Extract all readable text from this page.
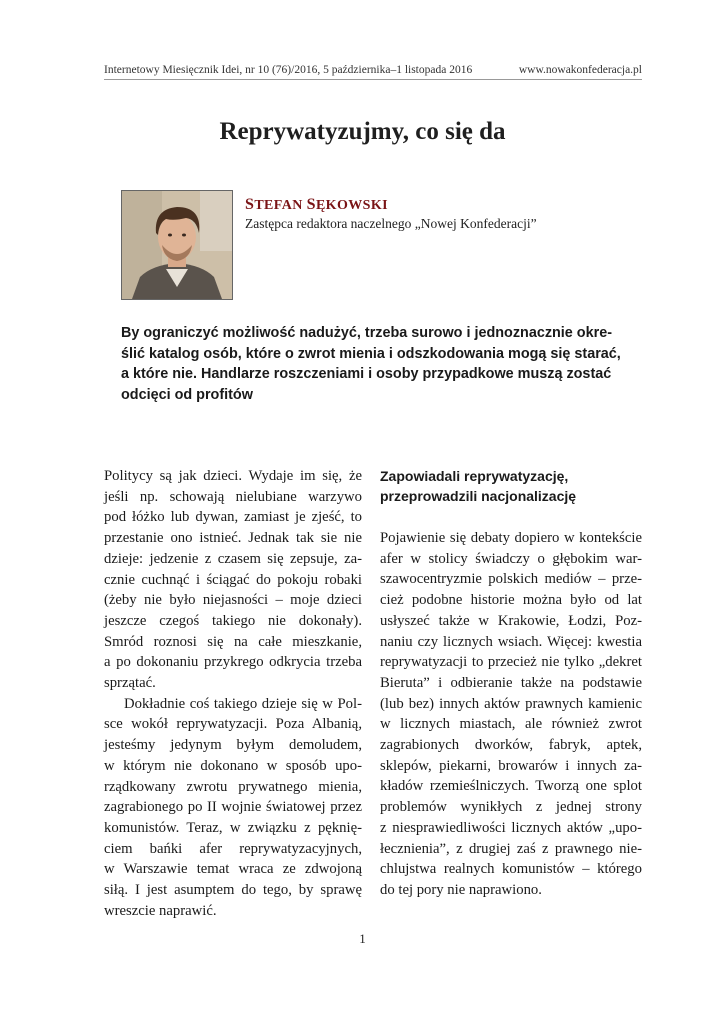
Internetowy Miesięcznik Idei, nr 10 (76)/2016, 5 października–1 listopada 2016	www.nowakonfederacja.pl
Reprywatyzujmy, co się da
STEFAN SĘKOWSKI
Zastępca redaktora naczelnego „Nowej Konfederacji”
By ograniczyć możliwość nadużyć, trzeba surowo i jednoznacznie okre-
ślić katalog osób, które o zwrot mienia i odszkodowania mogą się starać,
a które nie. Handlarze roszczeniami i osoby przypadkowe muszą zostać
odcięci od profitów
Politycy są jak dzieci. Wydaje im się, że
jeśli np. schowają nielubiane warzywo
pod łóżko lub dywan, zamiast je zjeść, to
przestanie ono istnieć. Jednak tak sie nie
dzieje: jedzenie z czasem się zepsuje, za-
cznie cuchnąć i ściągać do pokoju robaki
(żeby nie było niejasności – moje dzieci
jeszcze czegoś takiego nie dokonały).
Smród roznosi się na całe mieszkanie,
a po dokonaniu przykrego odkrycia trzeba
sprzątać.
Dokładnie coś takiego dzieje się w Pol-
sce wokół reprywatyzacji. Poza Albanią,
jesteśmy jedynym byłym demoludem,
w którym nie dokonano w sposób upo-
rządkowany zwrotu prywatnego mienia,
zagrabionego po II wojnie światowej przez
komunistów. Teraz, w związku z pęknię-
ciem bańki afer reprywatyzacyjnych,
w Warszawie temat wraca ze zdwojoną
siłą. I jest asumptem do tego, by sprawę
wreszcie naprawić.
Zapowiadali reprywatyzację,
przeprowadzili nacjonalizację
Pojawienie się debaty dopiero w kontekście
afer w stolicy świadczy o głębokim war-
szawocentryzmie polskich mediów – prze-
cież podobne historie można było od lat
usłyszeć także w Krakowie, Łodzi, Poz-
naniu czy licznych wsiach. Więcej: kwestia
reprywatyzacji to przecież nie tylko „dekret
Bieruta” i odbieranie także na podstawie
(lub bez) innych aktów prawnych kamienic
w licznych miastach, ale również zwrot
zagrabionych dworków, fabryk, aptek,
sklepów, piekarni, browarów i innych za-
kładów rzemieślniczych. Tworzą one splot
problemów wynikłych z jednej strony
z niesprawiedliwości licznych aktów „upo-
łecznienia”, z drugiej zaś z prawnego nie-
chlujstwa realnych komunistów – którego
do tej pory nie naprawiono.
1
